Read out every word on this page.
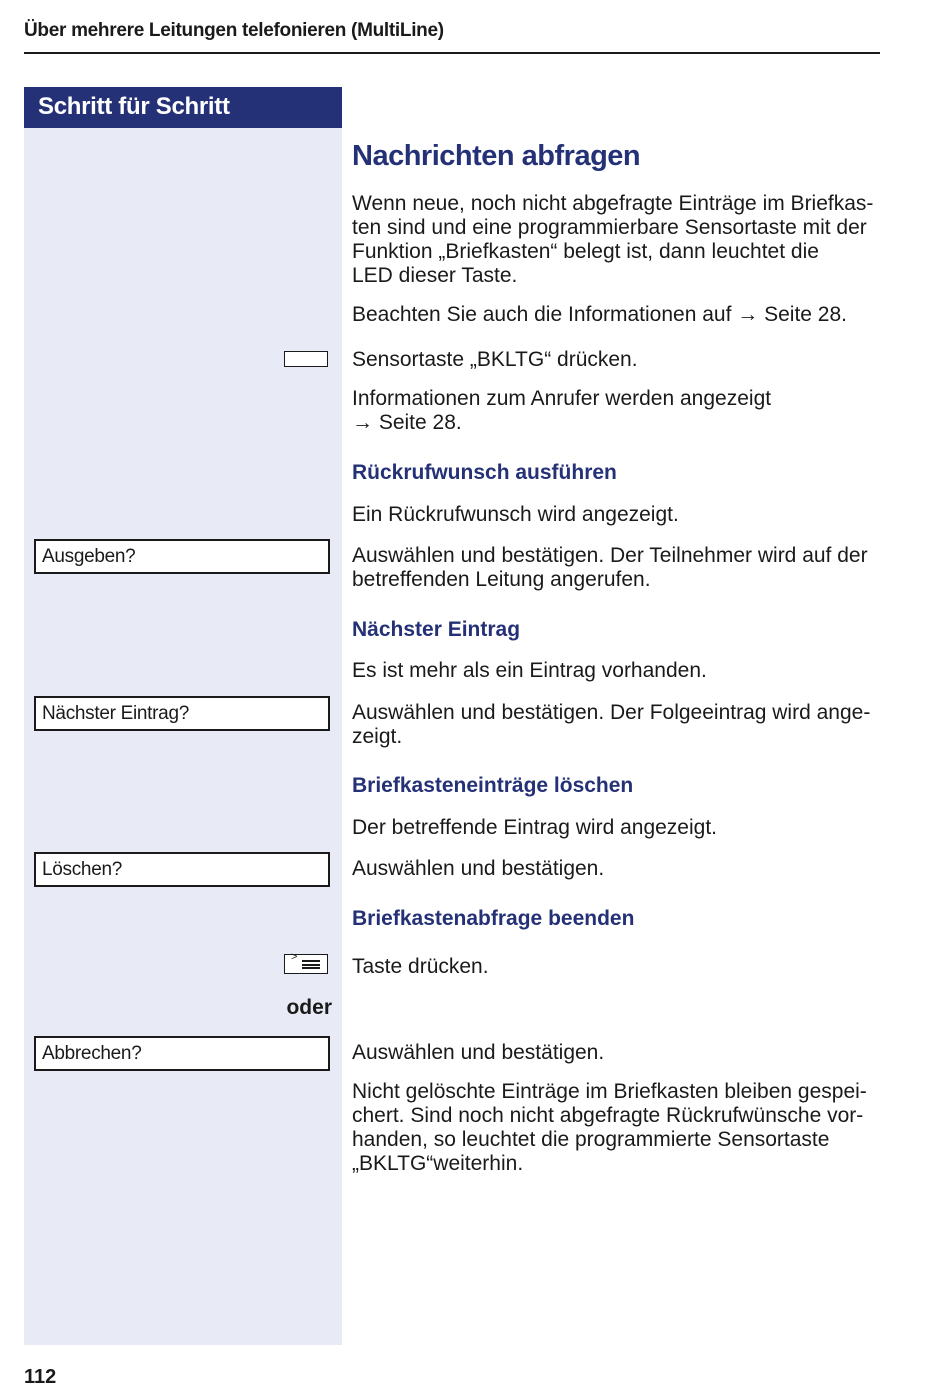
Über mehrere Leitungen telefonieren (MultiLine)
Schritt für Schritt
Ausgeben?
Nächster Eintrag?
Löschen?
>
oder
Abbrechen?
Nachrichten abfragen
Wenn neue, noch nicht abgefragte Einträge im Briefkas-
ten sind und eine programmierbare Sensortaste mit der
Funktion „Briefkasten“ belegt ist, dann leuchtet die
LED dieser Taste.
Beachten Sie auch die Informationen auf → Seite 28.
Sensortaste „BKLTG“ drücken.
Informationen zum Anrufer werden angezeigt
→ Seite 28.
Rückrufwunsch ausführen
Ein Rückrufwunsch wird angezeigt.
Auswählen und bestätigen. Der Teilnehmer wird auf der
betreffenden Leitung angerufen.
Nächster Eintrag
Es ist mehr als ein Eintrag vorhanden.
Auswählen und bestätigen. Der Folgeeintrag wird ange-
zeigt.
Briefkasteneinträge löschen
Der betreffende Eintrag wird angezeigt.
Auswählen und bestätigen.
Briefkastenabfrage beenden
Taste drücken.
Auswählen und bestätigen.
Nicht gelöschte Einträge im Briefkasten bleiben gespei-
chert. Sind noch nicht abgefragte Rückrufwünsche vor-
handen, so leuchtet die programmierte Sensortaste
„BKLTG“weiterhin.
112
